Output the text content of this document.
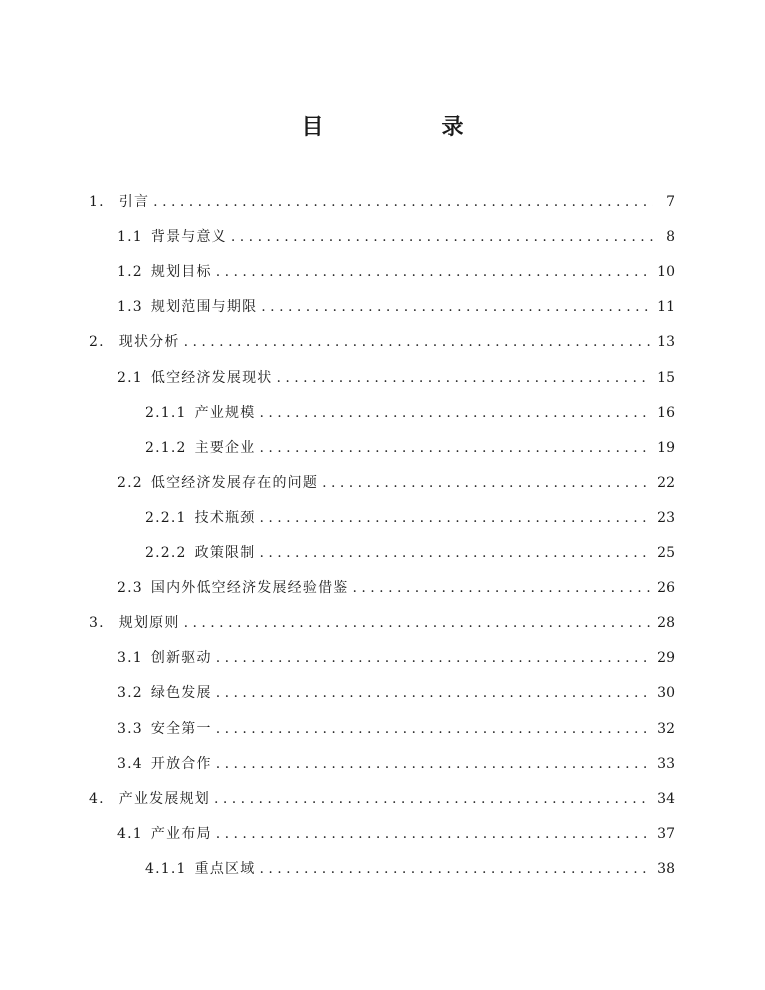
目　录
1. 引言 . . .	7
1.1 背景与意义 . . .	8
1.2 规划目标 . . .	10
1.3 规划范围与期限 . . .	11
2. 现状分析 . . .	13
2.1 低空经济发展现状 . . .	15
2.1.1 产业规模 . . .	16
2.1.2 主要企业 . . .	19
2.2 低空经济发展存在的问题 . . .	22
2.2.1 技术瓶颈 . . .	23
2.2.2 政策限制 . . .	25
2.3 国内外低空经济发展经验借鉴 . . .	26
3. 规划原则 . . .	28
3.1 创新驱动 . . .	29
3.2 绿色发展 . . .	30
3.3 安全第一 . . .	32
3.4 开放合作 . . .	33
4. 产业发展规划 . . .	34
4.1 产业布局 . . .	37
4.1.1 重点区域 . . .	38
